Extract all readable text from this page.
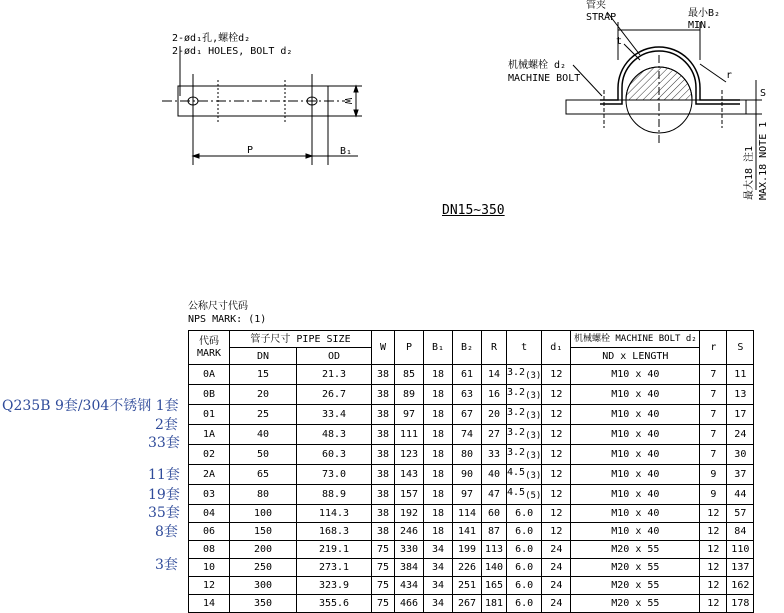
2-ød₁孔,螺栓d₂
2-ød₁ HOLES, BOLT d₂
P	B₁
W
管夹
STRAP	最小B₂
MIN.
机械螺栓 d₂
MACHINE BOLT
t
r
S
最大18 注1 MAX.18 NOTE 1
DN15~350
公称尺寸代码
NPS MARK: (1)
代码
MARK	管子尺寸 PIPE SIZE		W	P	B₁	B₂	R	t	d₁	机械螺栓 MACHINE BOLT d₂	r	S
	DN	OD								ND x LENGTH		
0A	15	21.3	38	85	18	61	14	$3.2_{(3)}$	12	M10 x 40	7	11
0B	20	26.7	38	89	18	63	16	$3.2_{(3)}$	12	M10 x 40	7	13
01	25	33.4	38	97	18	67	20	$3.2_{(3)}$	12	M10 x 40	7	17
1A	40	48.3	38	111	18	74	27	$3.2_{(3)}$	12	M10 x 40	7	24
02	50	60.3	38	123	18	80	33	$3.2_{(3)}$	12	M10 x 40	7	30
2A	65	73.0	38	143	18	90	40	$4.5_{(3)}$	12	M10 x 40	9	37
03	80	88.9	38	157	18	97	47	$4.5_{(5)}$	12	M10 x 40	9	44
04	100	114.3	38	192	18	114	60	6.0	12	M10 x 40	12	57
06	150	168.3	38	246	18	141	87	6.0	12	M10 x 40	12	84
08	200	219.1	75	330	34	199	113	6.0	24	M20 x 55	12	110
10	250	273.1	75	384	34	226	140	6.0	24	M20 x 55	12	137
12	300	323.9	75	434	34	251	165	6.0	24	M20 x 55	12	162
14	350	355.6	75	466	34	267	181	6.0	24	M20 x 55	12	178
Q235B 9套/304不锈钢 1套
2套
33套
11套
19套
35套
8套
3套
